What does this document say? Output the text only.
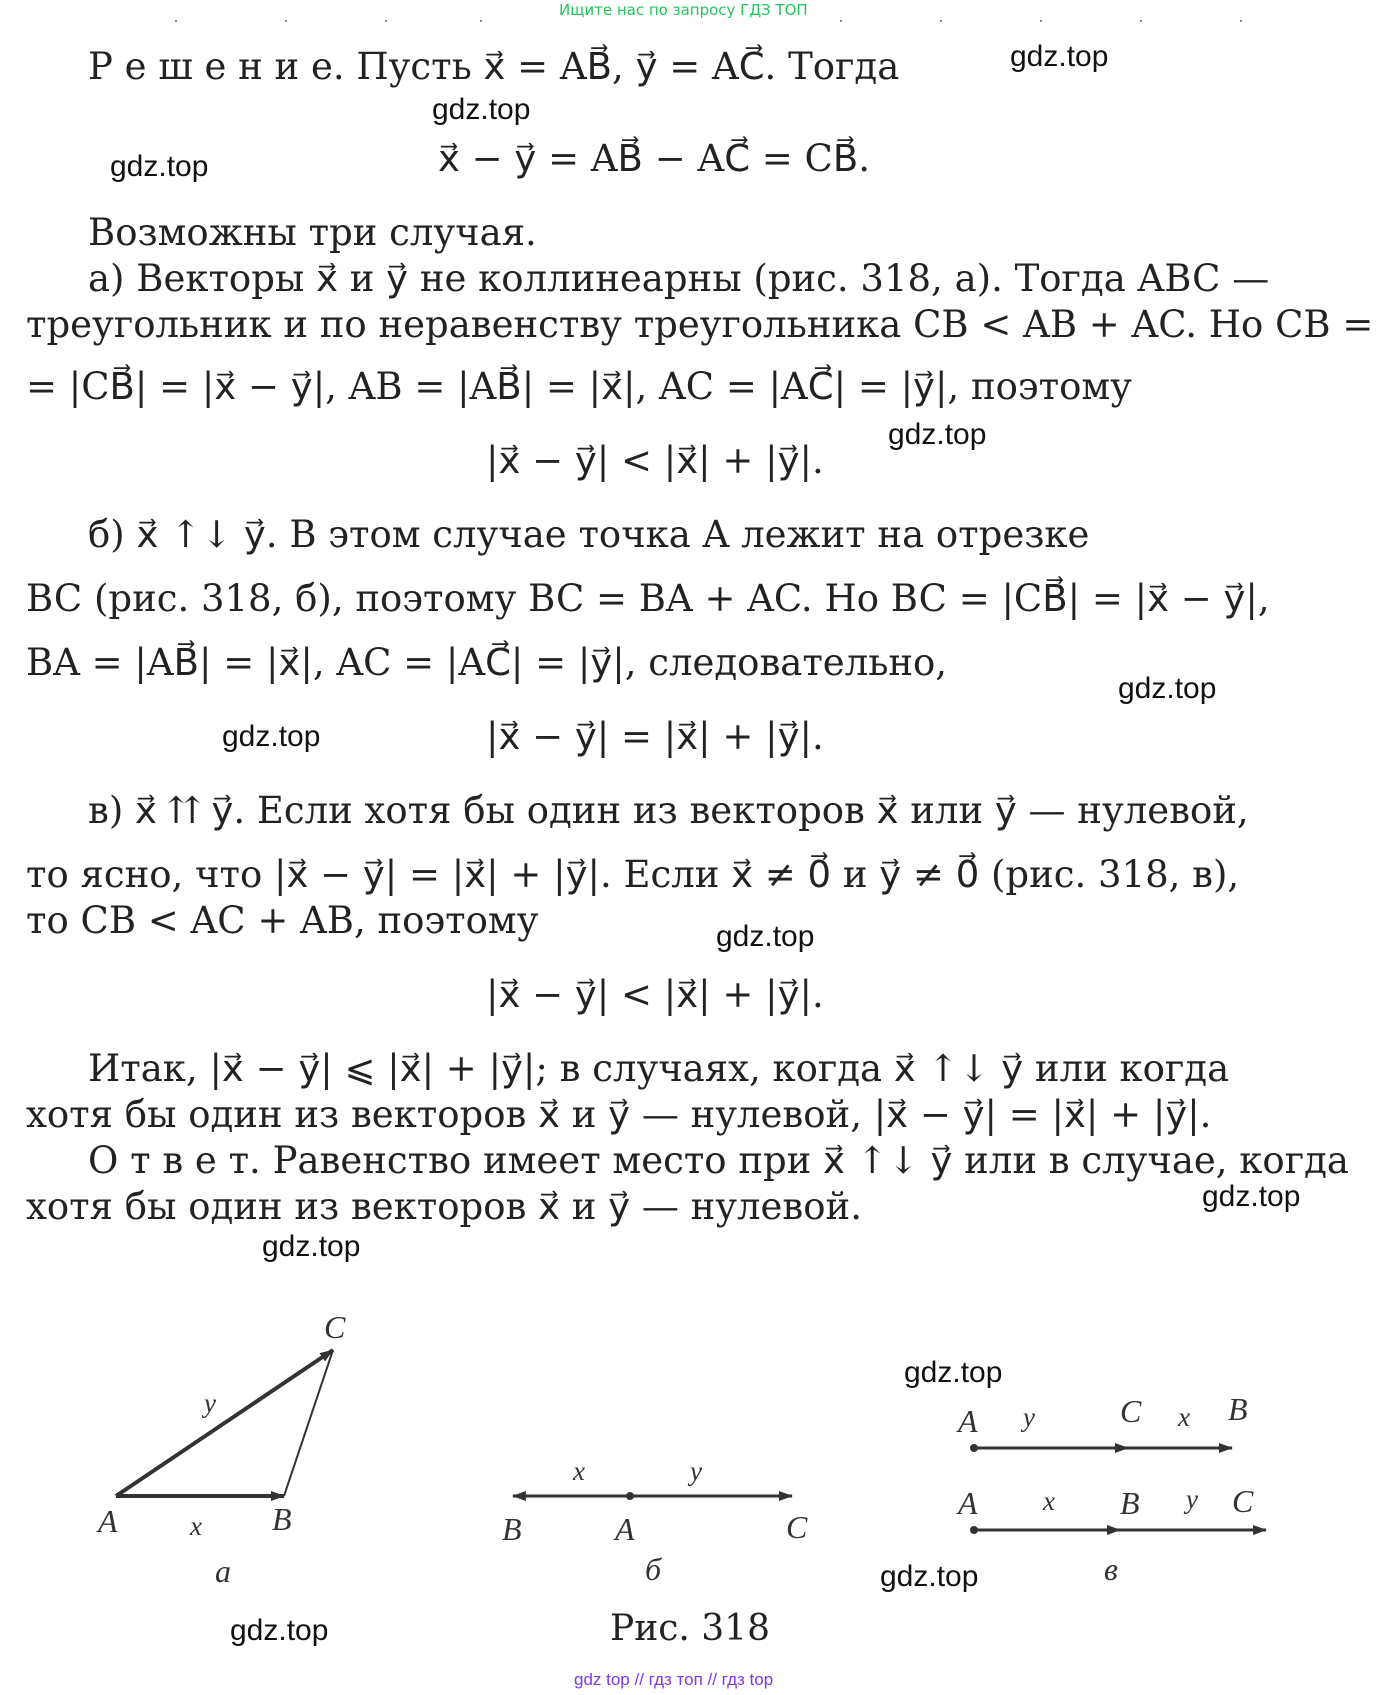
Ищите нас по запросу ГДЗ ТОП
Р е ш е н и е. Пусть x⃗ = AB⃗, y⃗ = AC⃗. Тогда
x⃗ − y⃗ = AB⃗ − AC⃗ = CB⃗.
Возможны три случая.
а) Векторы x⃗ и y⃗ не коллинеарны (рис. 318, а). Тогда ABC —
треугольник и по неравенству треугольника CB < AB + AC. Но CB =
= |CB⃗| = |x⃗ − y⃗|, AB = |AB⃗| = |x⃗|, AC = |AC⃗| = |y⃗|, поэтому
|x⃗ − y⃗| < |x⃗| + |y⃗|.
б) x⃗ ↑↓ y⃗. В этом случае точка A лежит на отрезке
BC (рис. 318, б), поэтому BC = BA + AC. Но BC = |CB⃗| = |x⃗ − y⃗|,
BA = |AB⃗| = |x⃗|, AC = |AC⃗| = |y⃗|, следовательно,
|x⃗ − y⃗| = |x⃗| + |y⃗|.
в) x⃗ ⇈ y⃗. Если хотя бы один из векторов x⃗ или y⃗ — нулевой,
то ясно, что |x⃗ − y⃗| = |x⃗| + |y⃗|. Если x⃗ ≠ 0⃗ и y⃗ ≠ 0⃗ (рис. 318, в),
то CB < AC + AB, поэтому
|x⃗ − y⃗| < |x⃗| + |y⃗|.
Итак, |x⃗ − y⃗| ⩽ |x⃗| + |y⃗|; в случаях, когда x⃗ ↑↓ y⃗ или когда
хотя бы один из векторов x⃗ и y⃗ — нулевой, |x⃗ − y⃗| = |x⃗| + |y⃗|.
О т в е т. Равенство имеет место при x⃗ ↑↓ y⃗ или в случае, когда
хотя бы один из векторов x⃗ и y⃗ — нулевой.
gdz.top
gdz.top
gdz.top
gdz.top
gdz.top
gdz.top
gdz.top
gdz.top
gdz.top
gdz.top
gdz.top
gdz.top
A	B
C
x⃗
y⃗
а
B	A	C
x⃗	y⃗
б
A	C	B
y⃗	x⃗
A	B	C
x⃗	y⃗
в
Рис. 318
gdz top // гдз топ // гдз top
